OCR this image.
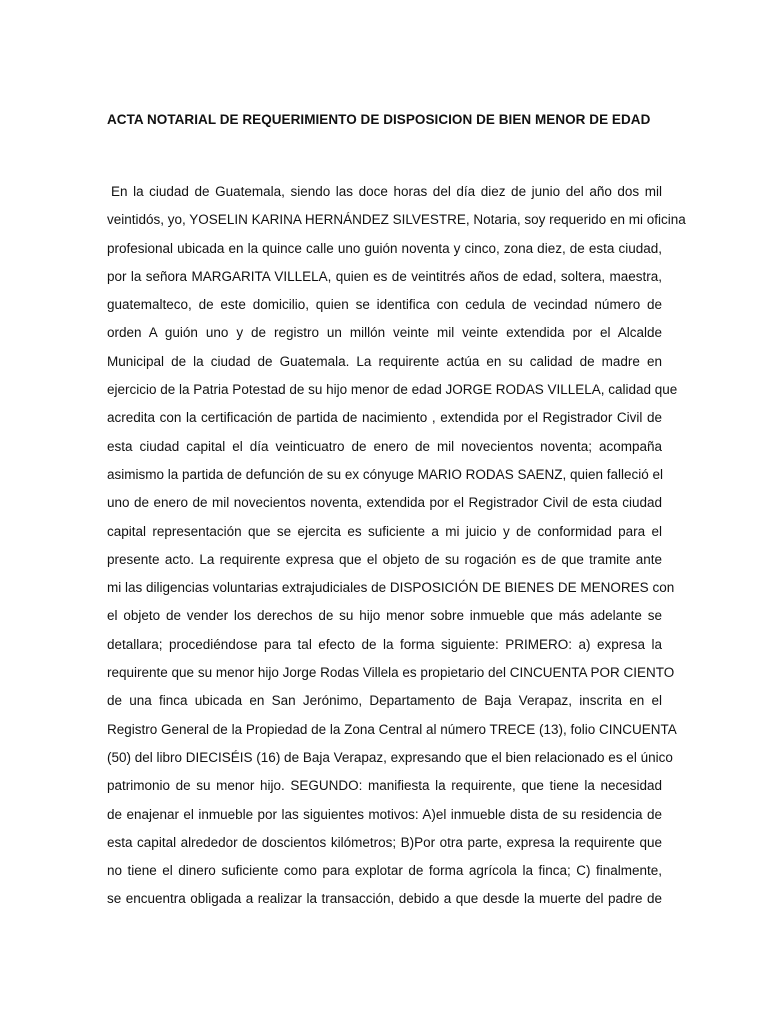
ACTA NOTARIAL DE REQUERIMIENTO DE DISPOSICION DE BIEN MENOR DE EDAD
En la ciudad de Guatemala, siendo las doce horas del día diez de junio del año dos mil
veintidós, yo, YOSELIN KARINA HERNÁNDEZ SILVESTRE, Notaria, soy requerido en mi oficina
profesional ubicada en la quince calle uno guión noventa y cinco, zona diez, de esta ciudad,
por la señora MARGARITA VILLELA, quien es de veintitrés años de edad, soltera, maestra,
guatemalteco, de este domicilio, quien se identifica con cedula de vecindad número de
orden A guión uno y de registro un millón veinte mil veinte extendida por el Alcalde
Municipal de la ciudad de Guatemala. La requirente actúa en su calidad de madre en
ejercicio de la Patria Potestad de su hijo menor de edad JORGE RODAS VILLELA, calidad que
acredita con la certificación de partida de nacimiento , extendida por el Registrador Civil de
esta ciudad capital el día veinticuatro de enero de mil novecientos noventa; acompaña
asimismo la partida de defunción de su ex cónyuge MARIO RODAS SAENZ, quien falleció el
uno de enero de mil novecientos noventa, extendida por el Registrador Civil de esta ciudad
capital representación que se ejercita es suficiente a mi juicio y de conformidad para el
presente acto. La requirente expresa que el objeto de su rogación es de que tramite ante
mi las diligencias voluntarias extrajudiciales de DISPOSICIÓN DE BIENES DE MENORES con
el objeto de vender los derechos de su hijo menor sobre inmueble que más adelante se
detallara; procediéndose para tal efecto de la forma siguiente: PRIMERO: a) expresa la
requirente que su menor hijo Jorge Rodas Villela es propietario del CINCUENTA POR CIENTO
de una finca ubicada en San Jerónimo, Departamento de Baja Verapaz, inscrita en el
Registro General de la Propiedad de la Zona Central al número TRECE (13), folio CINCUENTA
(50) del libro DIECISÉIS (16) de Baja Verapaz, expresando que el bien relacionado es el único
patrimonio de su menor hijo. SEGUNDO: manifiesta la requirente, que tiene la necesidad
de enajenar el inmueble por las siguientes motivos: A)el inmueble dista de su residencia de
esta capital alrededor de doscientos kilómetros; B)Por otra parte, expresa la requirente que
no tiene el dinero suficiente como para explotar de forma agrícola la finca; C) finalmente,
se encuentra obligada a realizar la transacción, debido a que desde la muerte del padre de
